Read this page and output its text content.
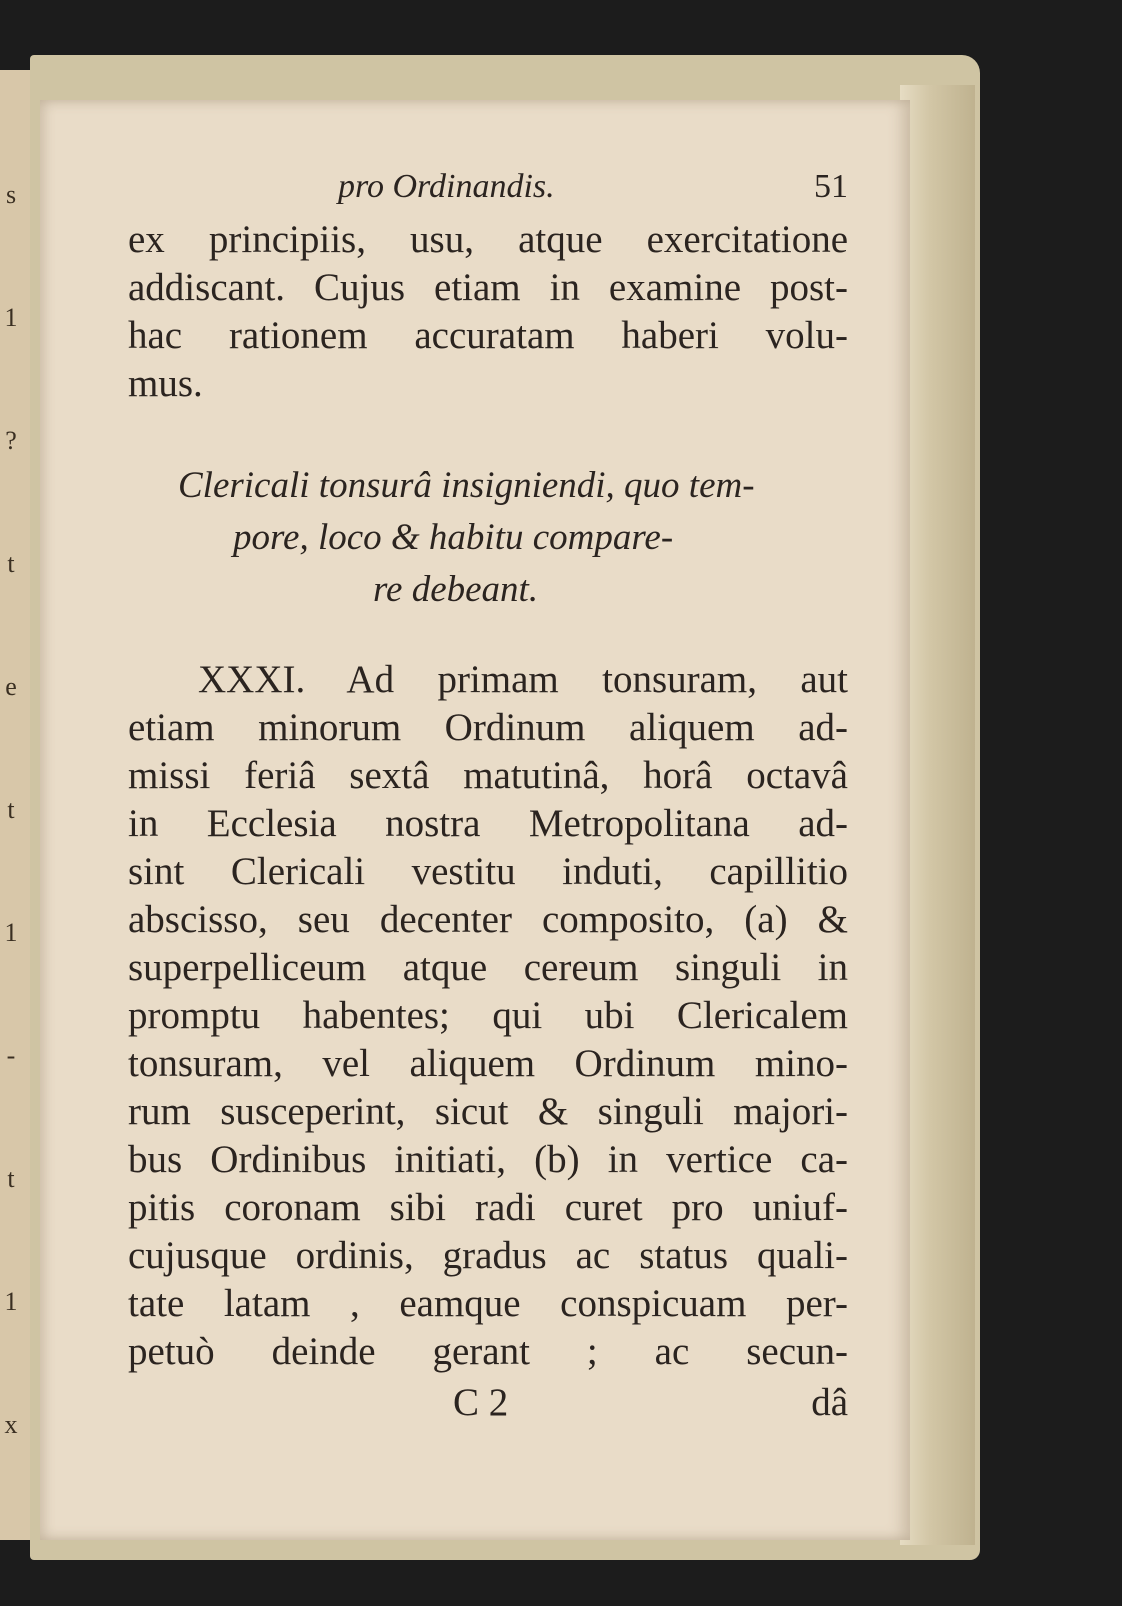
s
1
?
t
e
t
1
-
t
1
x
pro Ordinandis.	51
ex principiis, usu, atque exercitatione
addiscant. Cujus etiam in examine post-
hac rationem accuratam haberi volu-
mus.
Clericali tonsurâ insigniendi, quo tem-
pore, loco & habitu compare-
re debeant.
XXXI. Ad primam tonsuram, aut
etiam minorum Ordinum aliquem ad-
missi feriâ sextâ matutinâ, horâ octavâ
in Ecclesia nostra Metropolitana ad-
sint Clericali vestitu induti, capillitio
abscisso, seu decenter composito, (a) &
superpelliceum atque cereum singuli in
promptu habentes; qui ubi Clericalem
tonsuram, vel aliquem Ordinum mino-
rum susceperint, sicut & singuli majori-
bus Ordinibus initiati, (b) in vertice ca-
pitis coronam sibi radi curet pro uniuf-
cujusque ordinis, gradus ac status quali-
tate latam , eamque conspicuam per-
petuò deinde gerant ; ac secun-
C 2	dâ
